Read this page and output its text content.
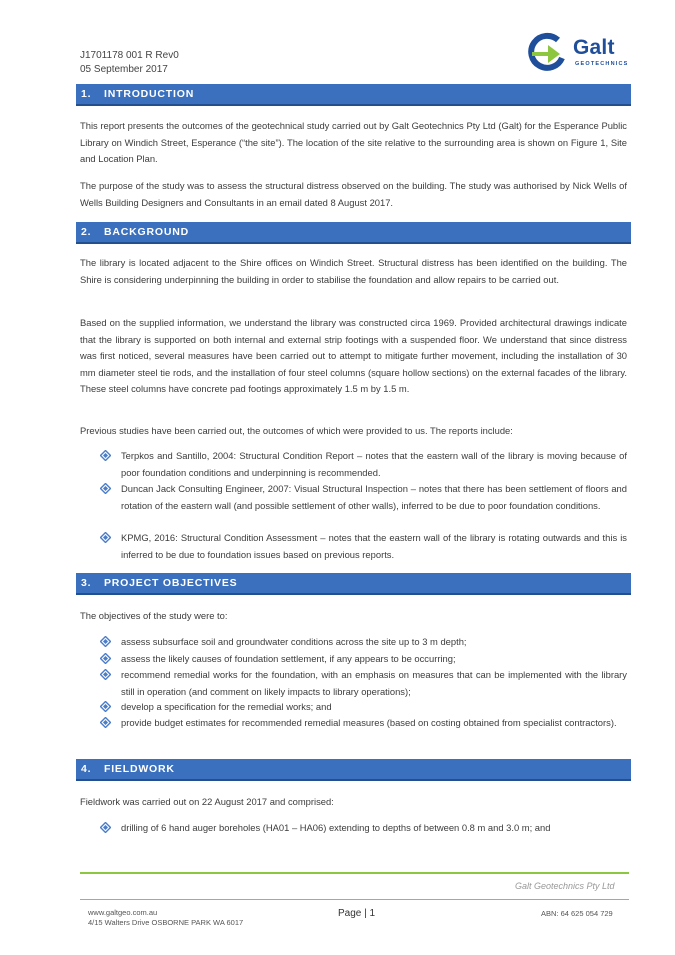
J1701178 001 R Rev0
05 September 2017
Galt
GEOTECHNICS
1. INTRODUCTION
This report presents the outcomes of the geotechnical study carried out by Galt Geotechnics Pty Ltd (Galt) for the Esperance Public Library on Windich Street, Esperance (“the site”). The location of the site relative to the surrounding area is shown on Figure 1, Site and Location Plan.
The purpose of the study was to assess the structural distress observed on the building. The study was authorised by Nick Wells of Wells Building Designers and Consultants in an email dated 8 August 2017.
2. BACKGROUND
The library is located adjacent to the Shire offices on Windich Street. Structural distress has been identified on the building. The Shire is considering underpinning the building in order to stabilise the foundation and allow repairs to be carried out.
Based on the supplied information, we understand the library was constructed circa 1969. Provided architectural drawings indicate that the library is supported on both internal and external strip footings with a suspended floor. We understand that since distress was first noticed, several measures have been carried out to attempt to mitigate further movement, including the installation of 30 mm diameter steel tie rods, and the installation of four steel columns (square hollow sections) on the external facades of the library. These steel columns have concrete pad footings approximately 1.5 m by 1.5 m.
Previous studies have been carried out, the outcomes of which were provided to us. The reports include:
Terpkos and Santillo, 2004: Structural Condition Report – notes that the eastern wall of the library is moving because of poor foundation conditions and underpinning is recommended.
Duncan Jack Consulting Engineer, 2007: Visual Structural Inspection – notes that there has been settlement of floors and rotation of the eastern wall (and possible settlement of other walls), inferred to be due to poor foundation conditions.
KPMG, 2016: Structural Condition Assessment – notes that the eastern wall of the library is rotating outwards and this is inferred to be due to foundation issues based on previous reports.
3. PROJECT OBJECTIVES
The objectives of the study were to:
assess subsurface soil and groundwater conditions across the site up to 3 m depth;
assess the likely causes of foundation settlement, if any appears to be occurring;
recommend remedial works for the foundation, with an emphasis on measures that can be implemented with the library still in operation (and comment on likely impacts to library operations);
develop a specification for the remedial works; and
provide budget estimates for recommended remedial measures (based on costing obtained from specialist contractors).
4. FIELDWORK
Fieldwork was carried out on 22 August 2017 and comprised:
drilling of 6 hand auger boreholes (HA01 – HA06) extending to depths of between 0.8 m and 3.0 m; and
Galt Geotechnics Pty Ltd
www.galtgeo.com.au
4/15 Walters Drive OSBORNE PARK WA 6017
Page | 1	ABN: 64 625 054 729
